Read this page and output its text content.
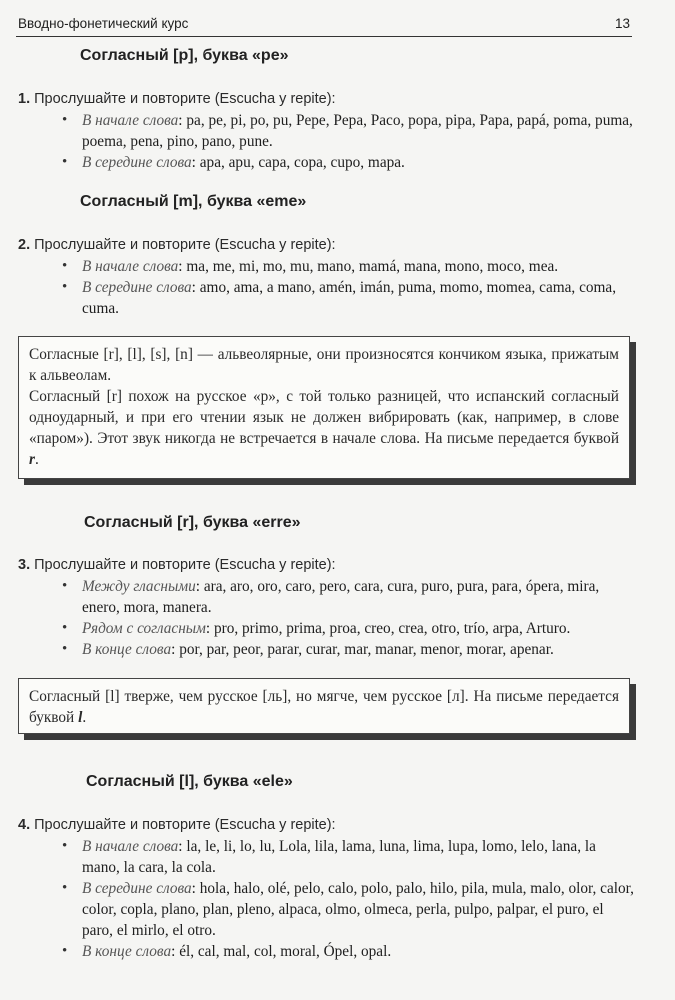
Вводно-фонетический курс	13
Согласный [p], буква «pe»
1. Прослушайте и повторите (Escucha y repite):
• В начале слова: pa, pe, pi, po, pu, Pepe, Pepa, Paco, popa, pipa, Papa, papá, poma, puma, poema, pena, pino, pano, pune.
• В середине слова: apa, apu, capa, copa, cupo, mapa.
Согласный [m], буква «eme»
2. Прослушайте и повторите (Escucha y repite):
• В начале слова: ma, me, mi, mo, mu, mano, mamá, mana, mono, moco, mea.
• В середине слова: amo, ama, a mano, amén, imán, puma, momo, momea, cama, coma, cuma.

Согласные [r], [l], [s], [n] — альвеолярные, они произносятся кончиком языка, прижатым к альвеолам.

Согласный [r] похож на русское «р», с той только разницей, что испанский согласный одноударный, и при его чтении язык не должен вибрировать (как, например, в слове «паром»). Этот звук никогда не встречается в начале слова. На письме передается буквой r.

Согласный [r], буква «erre»
3. Прослушайте и повторите (Escucha y repite):
• Между гласными: ara, aro, oro, caro, pero, cara, cura, puro, pura, para, ópera, mira, enero, mora, manera.
• Рядом с согласным: pro, primo, prima, proa, creo, crea, otro, trío, arpa, Arturo.
• В конце слова: por, par, peor, parar, curar, mar, manar, menor, morar, apenar.

Согласный [l] тверже, чем русское [ль], но мягче, чем русское [л]. На письме передается буквой l.

Согласный [l], буква «ele»
4. Прослушайте и повторите (Escucha y repite):
• В начале слова: la, le, li, lo, lu, Lola, lila, lama, luna, lima, lupa, lomo, lelo, lana, la mano, la cara, la cola.
• В середине слова: hola, halo, olé, pelo, calo, polo, palo, hilo, pila, mula, malo, olor, calor, color, copla, plano, plan, pleno, alpaca, olmo, olmeca, perla, pulpo, palpar, el puro, el paro, el mirlo, el otro.
• В конце слова: él, cal, mal, col, moral, Ópel, opal.
